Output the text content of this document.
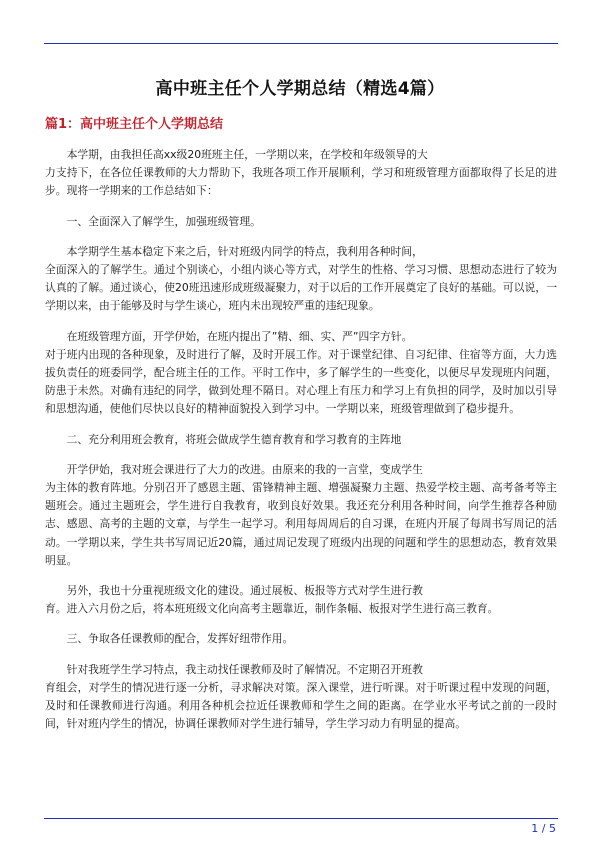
高中班主任个人学期总结（精选4篇）
篇1：高中班主任个人学期总结

　　本学期，由我担任高xx级20班班主任，一学期以来，在学校和年级领导的大
力支持下，在各位任课教师的大力帮助下，我班各项工作开展顺利，学习和班级管理方面都取得了长足的进步。现将一学期来的工作总结如下：

　　一、全面深入了解学生，加强班级管理。

　　本学期学生基本稳定下来之后，针对班级内同学的特点，我利用各种时间，
全面深入的了解学生。通过个别谈心，小组内谈心等方式，对学生的性格、学习习惯、思想动态进行了较为认真的了解。通过谈心，使20班迅速形成班级凝聚力，对于以后的工作开展奠定了良好的基础。可以说，一学期以来，由于能够及时与学生谈心，班内未出现较严重的违纪现象。

　　在班级管理方面，开学伊始，在班内提出了”精、细、实、严”四字方针。
对于班内出现的各种现象，及时进行了解，及时开展工作。对于课堂纪律、自习纪律、住宿等方面，大力选拔负责任的班委同学，配合班主任的工作。平时工作中，多了解学生的一些变化，以便尽早发现班内问题，防患于未然。对确有违纪的同学，做到处理不隔日。对心理上有压力和学习上有负担的同学，及时加以引导和思想沟通，使他们尽快以良好的精神面貌投入到学习中。一学期以来，班级管理做到了稳步提升。

　　二、充分利用班会教育，将班会做成学生德育教育和学习教育的主阵地

　　开学伊始，我对班会课进行了大力的改进。由原来的我的一言堂，变成学生
为主体的教育阵地。分别召开了感恩主题、雷锋精神主题、增强凝聚力主题、热爱学校主题、高考备考等主题班会。通过主题班会，学生进行自我教育，收到良好效果。我还充分利用各种时间，向学生推荐各种励志、感恩、高考的主题的文章，与学生一起学习。利用每周周后的自习课，在班内开展了每周书写周记的活动。一学期以来，学生共书写周记近20篇，通过周记发现了班级内出现的问题和学生的思想动态，教育效果明显。

　　另外，我也十分重视班级文化的建设。通过展板、板报等方式对学生进行教
育。进入六月份之后，将本班班级文化向高考主题靠近，制作条幅、板报对学生进行高三教育。

　　三、争取各任课教师的配合，发挥好纽带作用。

　　针对我班学生学习特点，我主动找任课教师及时了解情况。不定期召开班教
育组会，对学生的情况进行逐一分析，寻求解决对策。深入课堂，进行听课。对于听课过程中发现的问题，及时和任课教师进行沟通。利用各种机会拉近任课教师和学生之间的距离。在学业水平考试之前的一段时间，针对班内学生的情况，协调任课教师对学生进行辅导，学生学习动力有明显的提高。

1 / 5
